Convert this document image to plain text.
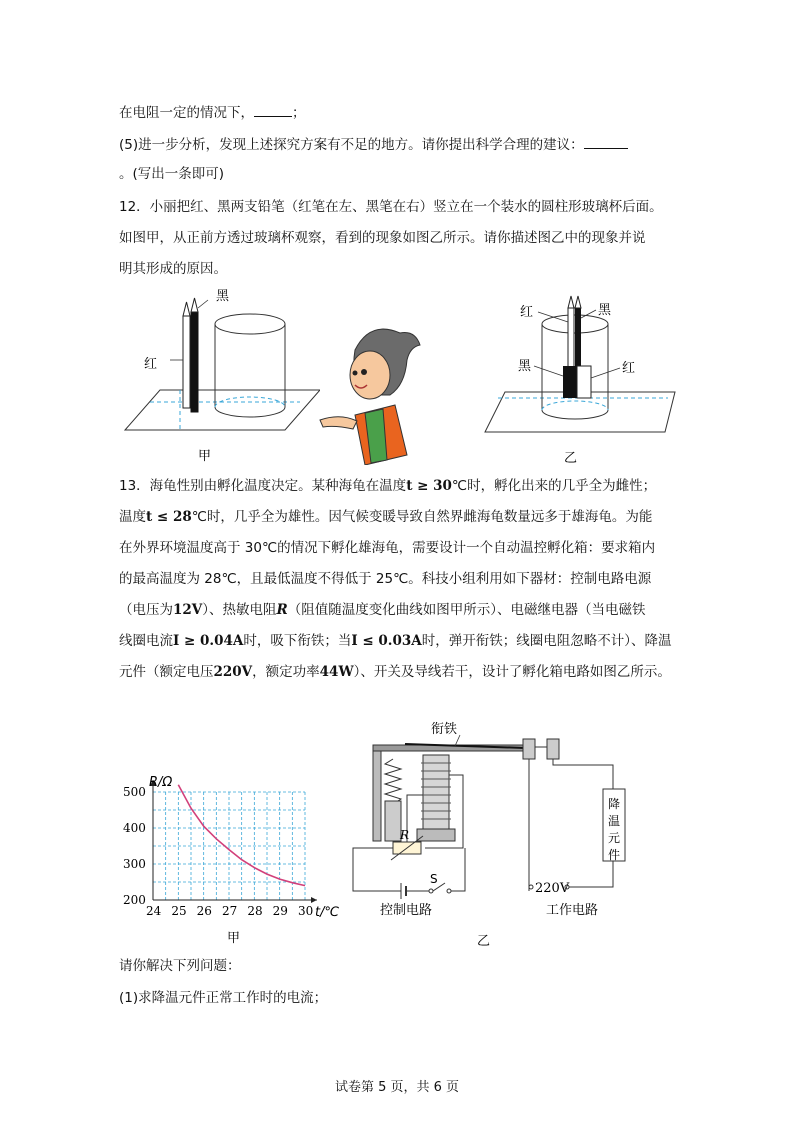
在电阻一定的情况下，	；
(5)进一步分析，发现上述探究方案有不足的地方。请你提出科学合理的建议：
。(写出一条即可)
12．小丽把红、黑两支铅笔（红笔在左、黑笔在右）竖立在一个装水的圆柱形玻璃杯后面。
如图甲，从正前方透过玻璃杯观察，看到的现象如图乙所示。请你描述图乙中的现象并说
明其形成的原因。
黑
红
甲
红	黑
黑	红
乙
13．海龟性别由孵化温度决定。某种海龟在温度t ≥ 30℃时，孵化出来的几乎全为雌性；
温度t ≤ 28℃时，几乎全为雄性。因气候变暖导致自然界雌海龟数量远多于雄海龟。为能
在外界环境温度高于 30℃的情况下孵化雄海龟，需要设计一个自动温控孵化箱：要求箱内
的最高温度为 28℃，且最低温度不得低于 25℃。科技小组利用如下器材：控制电路电源
（电压为12V）、热敏电阻R（阻值随温度变化曲线如图甲所示）、电磁继电器（当电磁铁
线圈电流I ≥ 0.04A时，吸下衔铁；当I ≤ 0.03A时，弹开衔铁；线圈电阻忽略不计）、降温
元件（额定电压220V，额定功率44W）、开关及导线若干，设计了孵化箱电路如图乙所示。
24 25 26 27 28 29 30
200
300
400
500
R/Ω
t/℃
甲
衔铁
R
S
降
温
元
件
220V
控制电路	工作电路
乙
请你解决下列问题：
(1)求降温元件正常工作时的电流；
试卷第 5 页，共 6 页
